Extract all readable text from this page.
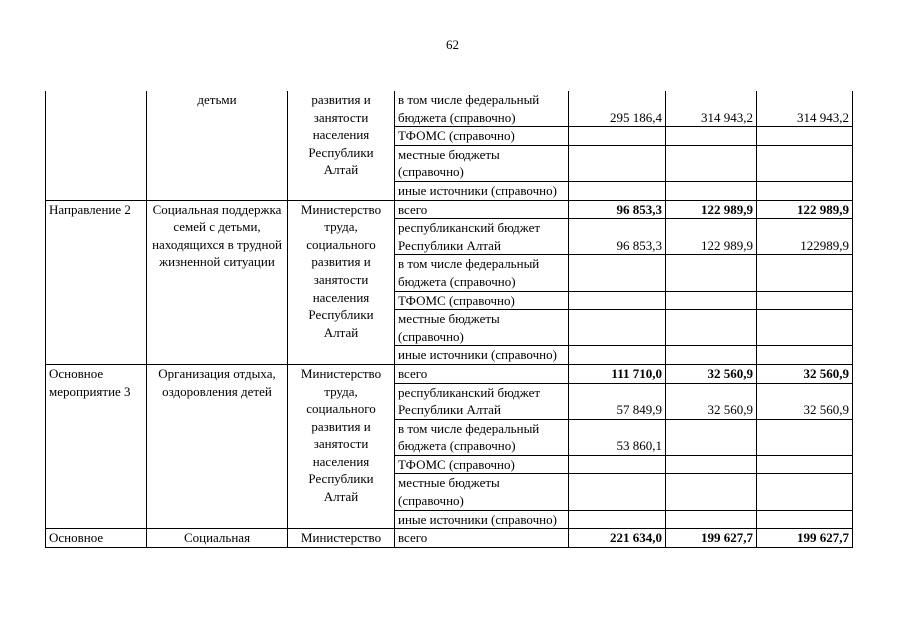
62
	детьми	развития и занятости населения Республики Алтай	в том числе федеральный бюджета (справочно)	295 186,4	314 943,2	314 943,2
			ТФОМС (справочно)			
			местные бюджеты (справочно)			
			иные источники (справочно)			
Направление 2	Социальная поддержка семей с детьми, находящихся в трудной жизненной ситуации	Министерство труда, социального развития и занятости населения Республики Алтай	всего	96 853,3	122 989,9	122 989,9
			республиканский бюджет Республики Алтай	96 853,3	122 989,9	122989,9
			в том числе федеральный бюджета (справочно)			
			ТФОМС (справочно)			
			местные бюджеты (справочно)			
			иные источники (справочно)			
Основное мероприятие 3	Организация отдыха, оздоровления детей	Министерство труда, социального развития и занятости населения Республики Алтай	всего	111 710,0	32 560,9	32 560,9
			республиканский бюджет Республики Алтай	57 849,9	32 560,9	32 560,9
			в том числе федеральный бюджета (справочно)	53 860,1		
			ТФОМС (справочно)			
			местные бюджеты (справочно)			
			иные источники (справочно)			
Основное	Социальная	Министерство	всего	221 634,0	199 627,7	199 627,7
